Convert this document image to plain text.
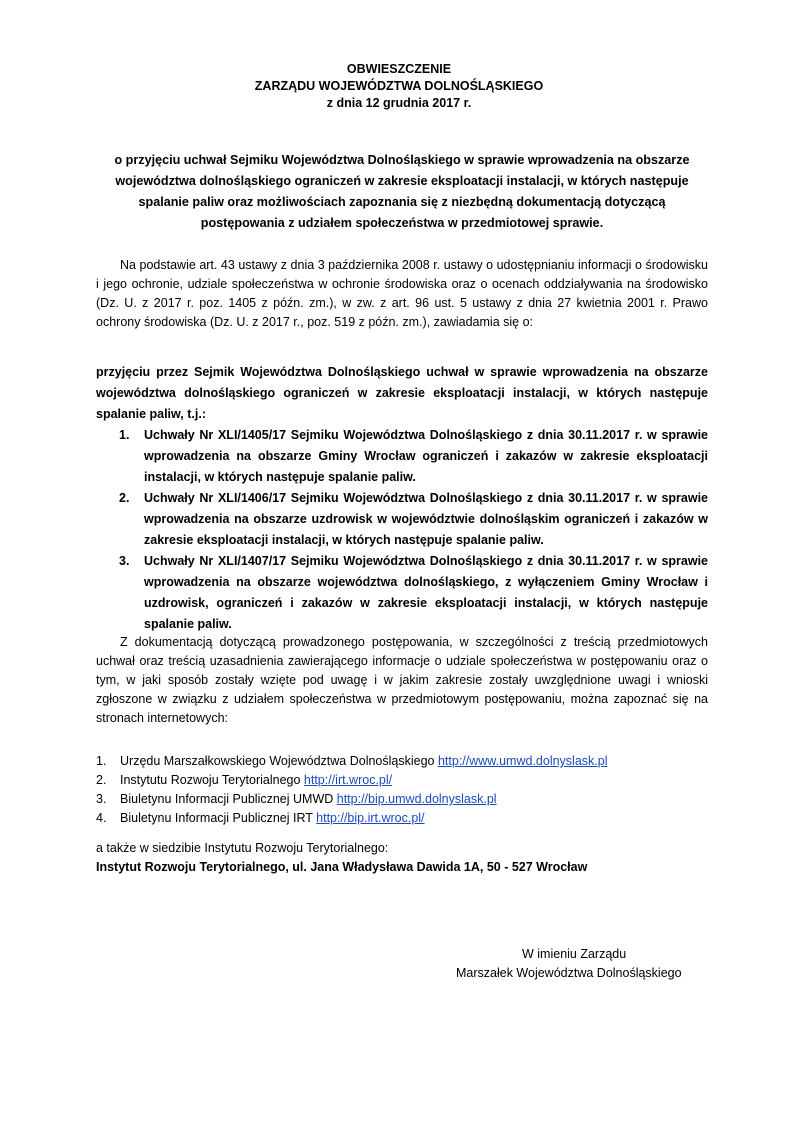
OBWIESZCZENIE
ZARZĄDU WOJEWÓDZTWA DOLNOŚLĄSKIEGO
z dnia 12 grudnia 2017 r.
o przyjęciu uchwał Sejmiku Województwa Dolnośląskiego w sprawie wprowadzenia na obszarze
województwa dolnośląskiego ograniczeń w zakresie eksploatacji instalacji, w których następuje
spalanie paliw oraz możliwościach zapoznania się z niezbędną dokumentacją dotyczącą
postępowania z udziałem społeczeństwa w przedmiotowej sprawie.
Na podstawie art. 43 ustawy z dnia 3 października 2008 r. ustawy o udostępnianiu informacji o środowisku i jego ochronie, udziale społeczeństwa w ochronie środowiska oraz o ocenach oddziaływania na środowisko (Dz. U. z 2017 r. poz. 1405 z późn. zm.), w zw. z art. 96 ust. 5 ustawy z dnia 27 kwietnia 2001 r. Prawo ochrony środowiska (Dz. U. z 2017 r., poz. 519 z późn. zm.), zawiadamia się o:
przyjęciu przez Sejmik Województwa Dolnośląskiego uchwał w sprawie wprowadzenia na obszarze województwa dolnośląskiego ograniczeń w zakresie eksploatacji instalacji, w których następuje spalanie paliw, t.j.:
1. Uchwały Nr XLI/1405/17 Sejmiku Województwa Dolnośląskiego z dnia 30.11.2017 r. w sprawie wprowadzenia na obszarze Gminy Wrocław ograniczeń i zakazów w zakresie eksploatacji instalacji, w których następuje spalanie paliw.
2. Uchwały Nr XLI/1406/17 Sejmiku Województwa Dolnośląskiego z dnia 30.11.2017 r. w sprawie wprowadzenia na obszarze uzdrowisk w województwie dolnośląskim ograniczeń i zakazów w zakresie eksploatacji instalacji, w których następuje spalanie paliw.
3. Uchwały Nr XLI/1407/17 Sejmiku Województwa Dolnośląskiego z dnia 30.11.2017 r. w sprawie wprowadzenia na obszarze województwa dolnośląskiego, z wyłączeniem Gminy Wrocław i uzdrowisk, ograniczeń i zakazów w zakresie eksploatacji instalacji, w których następuje spalanie paliw.
Z dokumentacją dotyczącą prowadzonego postępowania, w szczególności z treścią przedmiotowych uchwał oraz treścią uzasadnienia zawierającego informacje o udziale społeczeństwa w postępowaniu oraz o tym, w jaki sposób zostały wzięte pod uwagę i w jakim zakresie zostały uwzględnione uwagi i wnioski zgłoszone w związku z udziałem społeczeństwa w przedmiotowym postępowaniu, można zapoznać się na stronach internetowych:
1. Urzędu Marszałkowskiego Województwa Dolnośląskiego http://www.umwd.dolnyslask.pl
2. Instytutu Rozwoju Terytorialnego http://irt.wroc.pl/
3. Biuletynu Informacji Publicznej UMWD http://bip.umwd.dolnyslask.pl
4. Biuletynu Informacji Publicznej IRT http://bip.irt.wroc.pl/
a także w siedzibie Instytutu Rozwoju Terytorialnego:
Instytut Rozwoju Terytorialnego, ul. Jana Władysława Dawida 1A, 50 - 527 Wrocław
W imieniu Zarządu
Marszałek Województwa Dolnośląskiego
